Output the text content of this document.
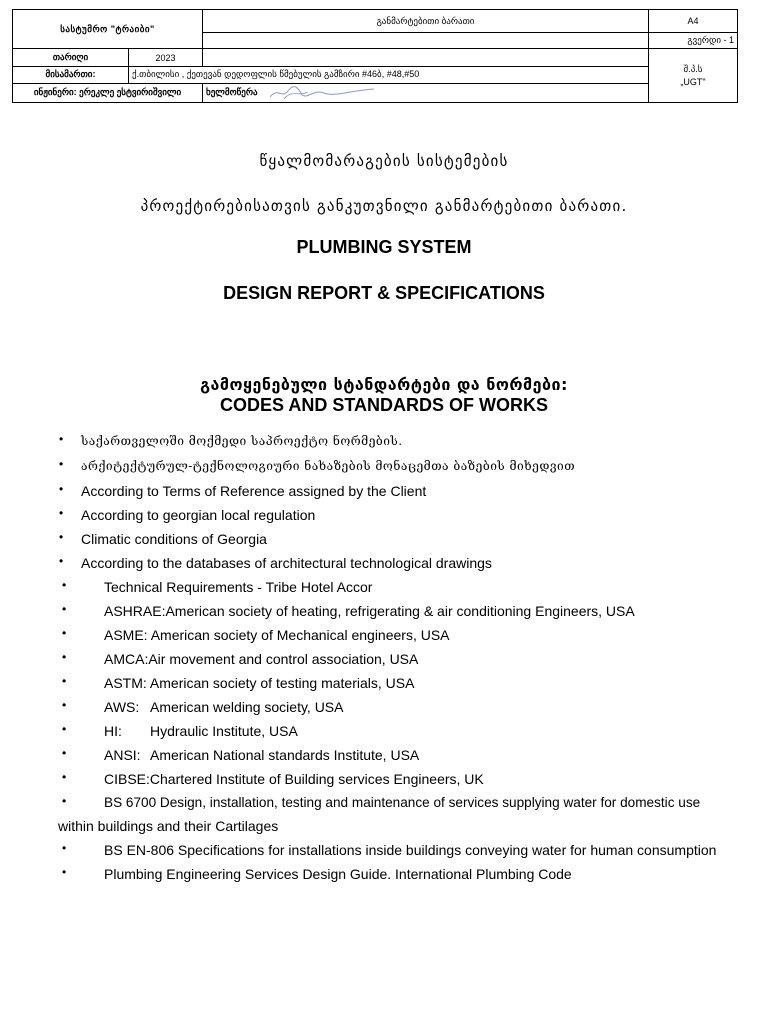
სასტუმრო "ტრაიბი"		განმარტებითი ბარათი	A4
			გვერდი - 1
თარიღი	2023		შ.პ.ს
„UGT"

მისამართი:	ქ.თბილისი , ქეთევან დედოფლის წმებულის გამზირი #46ბ, #48,#50		
ინჟინერი: ერეკლე ესტვირიშვილი		ხელმოწერა	
წყალმომარაგების სისტემების
პროექტირებისათვის განკუთვნილი განმარტებითი ბარათი.
PLUMBING SYSTEM
DESIGN REPORT & SPECIFICATIONS
გამოყენებული სტანდარტები და ნორმები:
CODES AND STANDARDS OF WORKS
• საქართველოში მოქმედი საპროექტო ნორმების.
• არქიტექტურულ-ტექნოლოგიური ნახაზების მონაცემთა ბაზების მიხედვით
• According to Terms of Reference assigned by the Client
• According to georgian local regulation
• Climatic conditions of Georgia
• According to the databases of architectural technological drawings
•	Technical Requirements - Tribe Hotel Accor
•	ASHRAE:American society of heating, refrigerating & air conditioning Engineers, USA
•	ASME: American society of Mechanical engineers, USA
•	AMCA:Air movement and control association, USA
•	ASTM: American society of testing materials, USA
•	AWS: American welding society, USA
•	HI: Hydraulic Institute, USA
•	ANSI: American National standards Institute, USA
•	CIBSE:Chartered Institute of Building services Engineers, UK
•	BS 6700 Design, installation, testing and maintenance of services supplying water for domestic use
within buildings and their Cartilages
•	BS EN-806 Specifications for installations inside buildings conveying water for human consumption
•	Plumbing Engineering Services Design Guide. International Plumbing Code
